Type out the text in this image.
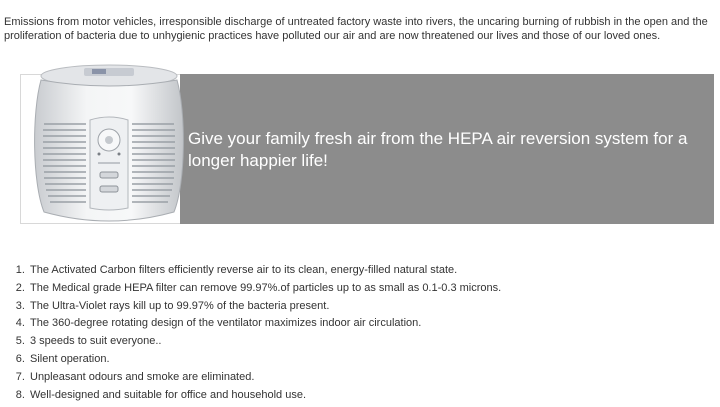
Emissions from motor vehicles, irresponsible discharge of untreated factory waste into rivers, the uncaring burning of rubbish in the open and the proliferation of bacteria due to unhygienic practices have polluted our air and are now threatened our lives and those of our loved ones.

Give your family fresh air from the HEPA air reversion system for a longer happier life!
1. The Activated Carbon filters efficiently reverse air to its clean, energy-filled natural state.
2. The Medical grade HEPA filter can remove 99.97%.of particles up to as small as 0.1-0.3 microns.
3. The Ultra-Violet rays kill up to 99.97% of the bacteria present.
4. The 360-degree rotating design of the ventilator maximizes indoor air circulation.
5. 3 speeds to suit everyone..
6. Silent operation.
7. Unpleasant odours and smoke are eliminated.
8. Well-designed and suitable for office and household use.
